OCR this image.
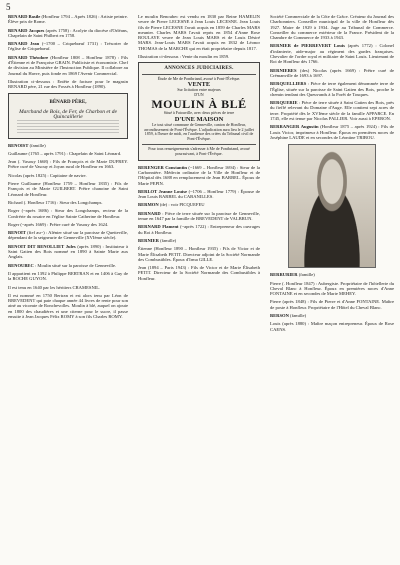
5

BENARD Basile (Honfleur 1794 – Après 1826) : Artiste peintre. Élève prix de Rome.

BENARD Jacques (après 1758) : Acolyte du diocèse d'Orléans, Chapelain de Saint Philbert en 1758.

BENARD Jean (~1700 – Criquebœuf 1731) : Trésorier de l'église de Criquebœuf.

BENARD Théodore (Honfleur 1808 – Honfleur 1878) : Fils d'Étienne et de Françoise GRAIN. Publiciste et économiste. Chef de division au Ministère de l'Instruction Publique. Il collabore au Journal du Havre, puis fonde en 1869 l'Avenir Commercial.

Illustration ci-dessous : Entête de facture pour le magasin BENARD père, 21 rue des Fossés à Honfleur (1890).

BÉNARD PÈRE,
Marchand de Bois, de Fer, de Charbon et de Quincaillerie

BENOIST (famille)

Guillaume (1765 – après 1791) : Chapelain de Saint Léonard.

Jean (. Vasouy 1668) : Fils de François et de Marie DUFREY. Prêtre curé de Vasouy et Joyan rural de Honfleur en 1663.

Nicolas (après 1825) : Capitaine de navire.

Pierre Guillaume (Honfleur 1759 – Honfleur 1835) : Fils de François et de Marie GUILBERT. Prêtre chanoine de Saint Léonard de Honfleur.

Richard (. Honfleur 1716) : Sieur des Longchamps.

Roger (~après 1686) : Sieur des Longchamps, recteur de la Confrérie du rosaire en l'église Sainte Catherine de Honfleur.

Roger (~après 1669) : Prêtre curé de Vasouy des 1624.

BENOIT (fief au~) : Alénier situé sur la paroisse de Quetteville, dépendant de la seigneurie de Genneville (XVIème siècle).

BENOIT DIT BENOLLIET Jules (après 1890) : Instituteur à Saint Gatien des Bois nommé en 1890 à Sainte Marie aux Anglais.

BENOUBEC : Moulin situé sur la paroisse de Genneville.

Il appartient en 1392 à Philippe BERTRAN et en 1406 à Guy de la ROCHE GUYON.

Il est tenu en 1640 par les héritiers CRAMESNIL.

Il est nommé en 1750 Bertran et est alors tenu par Léon de BREVEDENT qui paie chaque année 44 livres de rente pour son ainé au vicomte de Ronchevolles. Moulin à blé, auquel on ajoute en 1800 des chaudières et une citerne pour le sucre, il passe ensuite à Jean Jacques Félix ROMY à son fils Charles ROMY.

Le moulin Benoubec est vendu en 1830 par Reine HAMELIN veuve de Pierre LECESNE à Jean Louis LECESNE. Jean Louis fils de Pierre LECESNE l'avait acquis en 1859 de Charles MARS meunier. Charles MARS l'avait repris en 1854 d'Anne Rose BOULAYE veuve de Jean Louis MARS et de Louis Désiré MARS. Jean-Louis MARS l'avait acquis en 1832 de Léonor THOMAS de la MARCHE qui en était propriétaire depuis 1817.

Illustration ci-dessous : Vente du moulin en 1859.

ANNONCES JUDICIAIRES.
Étude de Me de Pontbriand, avoué à Pont-l'Évêque.
VENTE
Sur licitation entre majeurs
D'UN
MOULIN À BLÉ
Situé à Fatouville, avec deux pièces de terre
D'UNE MAISON
Le tout situé commune de Genneville, canton de Honfleur, arrondissement de Pont-l'Évêque. L'adjudication aura lieu le 2 juillet 1859, à l'heure de midi, en l'audience des criées du Tribunal civil de Pont-l'Évêque.
Pour tous renseignements s'adresser à Me de Pontbriand, avoué poursuivant, à Pont-l'Évêque.

BERENGER Constantin (~1669 – Honfleur 1694) : Sieur de la Carbonnière. Médecin ordinaire de la Ville de Honfleur et de l'Hôpital dès 1688 en remplacement de Jean BARBEL. Époux de Marie PEPIN.

BERLOT Jeanne Louise (~1706 – Honfleur 1779) : Épouse de Jean Louis BARBEL du CABANILLES.

BERMON (de) : voir PICQUEFEU

BERNARD : Pièce de terre située sur la paroisse de Genneville, tenue en 1647 par la famille de BREVEDENT de VALBRUN.

BERNARD Flament (~après 1722) : Entrepreneur des ouvrages du Roi à Honfleur.

BERNIER (famille)

Étienne (Honfleur 1890 – Honfleur 1935) : Fils de Victor et de Marie Élisabeth PETIT. Directeur adjoint de la Société Normande des Combustibles. Époux d'Irma GILLE.

Jean (1894 – Paris 1943) : Fils de Victor et de Marie Élisabeth PETIT. Directeur de la Société Normande des Combustibles à Honfleur.

Société Commerciale de la Côte de Grâce. Créateur du Journal des Charbonniers. Conseiller municipal de la ville de Honfleur dès 1927. Maire de 1929 à 1934. Juge au Tribunal de Commerce. Conseiller du commerce extérieur de la France. Président de la Chambre de Commerce de 1933 à 1943.

BERNIER de PIERREVERT Louis (après 1772) : Colonel d'infanterie, aide-major au régiment des gardes françaises. Chevalier de l'ordre royal et militaire de Saint Louis. Lieutenant de Roi de Honfleur dès 1766.

BERNIERES (des) Nicolas (après 1669) : Prêtre curé de Crémanville de 1693 à 1697.

BERQUELLIERS : Pièce de terre également dénommée terre de l'Église, située sur la paroisse de Saint Gatien des Bois, proche le chemin tendant des Queuvands à la Forêt de Touques.

BERQUERIE : Pièce de terre située à Saint Gatien des Bois, près du fieffé relevant du Domaine d'Auge. Elle contient sept acres de terre. Propriété dès le XVIème siècle de la famille APPARCE. En 1745, elle est tenue par Nicolas PALLIER. Voir aussi à EPERON.

BERRANGER Augustin (Honfleur 1875 – après 1924) : Fils de Louis Victor, imprimeur à Honfleur. Époux en premières noces de Joséphine LAUDE et en secondes de Léontine TRIBOU.

BERRURIER (famille)

Pierre (. Honfleur 1847) : Aubergiste. Propriétaire de l'hôtellerie du Cheval Blanc à Honfleur. Époux en premières noces d'Anne FONTAINE et en secondes de Marie MEHEY.

Pierre (après 1848) : Fils de Pierre et d'Anne FONTAINE. Maître de poste à Honfleur. Propriétaire de l'Hôtel du Cheval Blanc.

BERSON (famille)

Louis (après 1880) : Maître maçon entrepreneur. Époux de Rose CAENS.
